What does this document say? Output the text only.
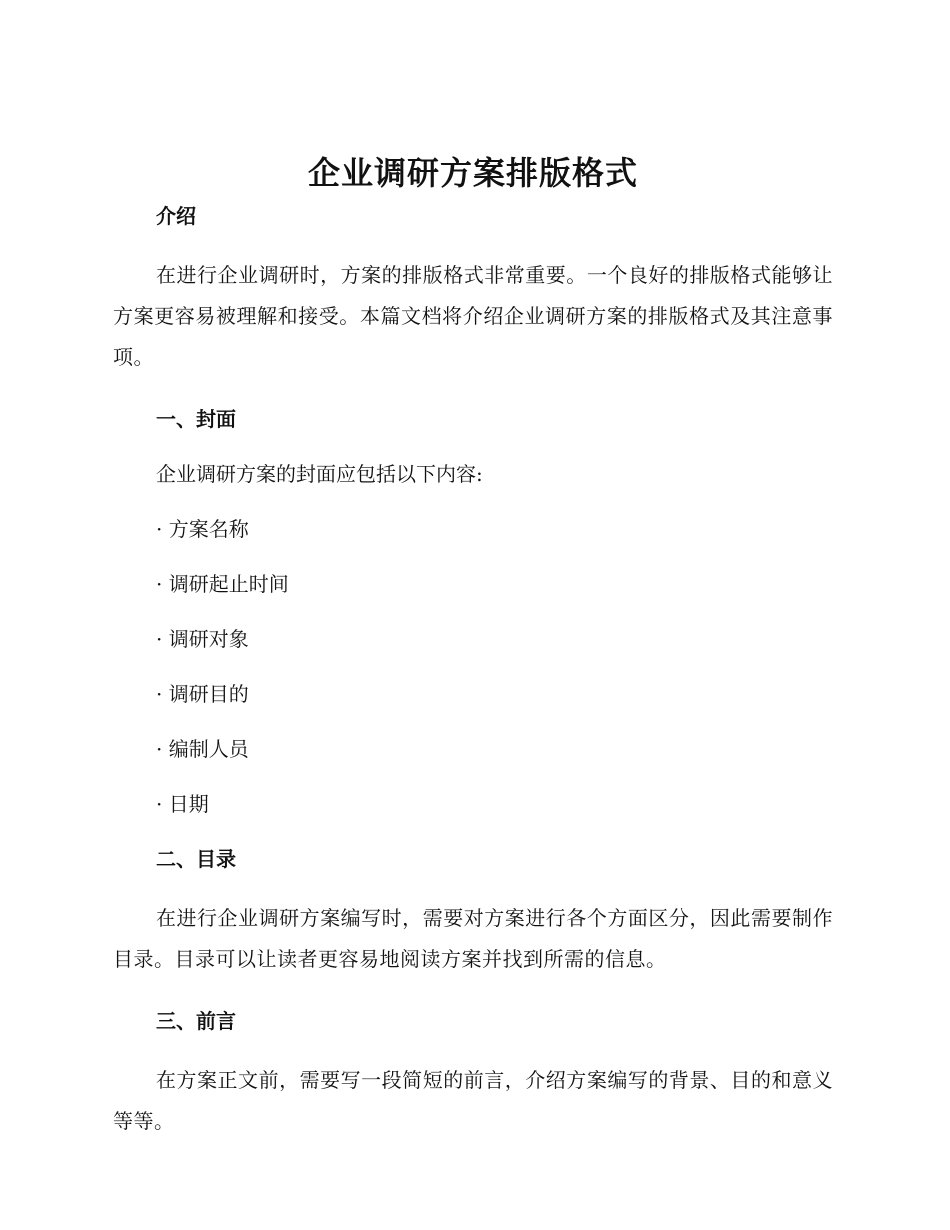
企业调研方案排版格式
介绍

在进行企业调研时，方案的排版格式非常重要。一个良好的排版格式能够让方案更容易被理解和接受。本篇文档将介绍企业调研方案的排版格式及其注意事项。

一、封面

企业调研方案的封面应包括以下内容:

· 方案名称

· 调研起止时间

· 调研对象

· 调研目的

· 编制人员

· 日期

二、目录

在进行企业调研方案编写时，需要对方案进行各个方面区分，因此需要制作目录。目录可以让读者更容易地阅读方案并找到所需的信息。

三、前言

在方案正文前，需要写一段简短的前言，介绍方案编写的背景、目的和意义等等。
